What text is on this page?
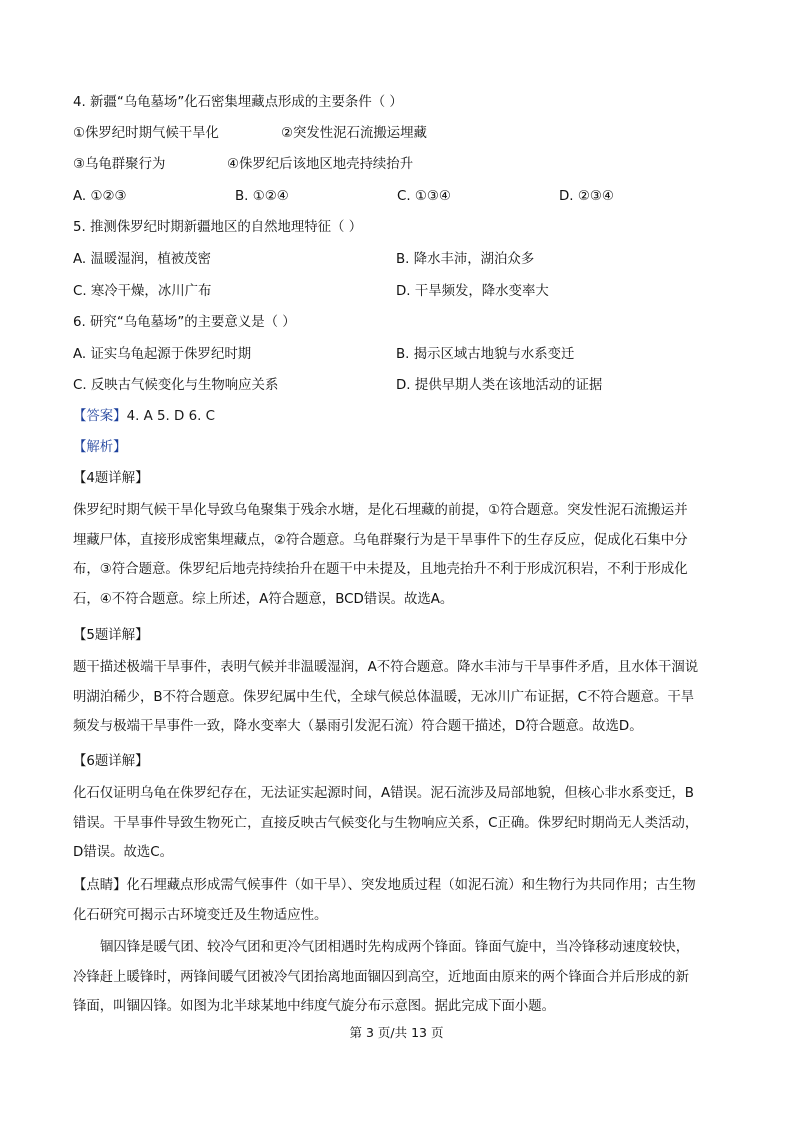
4. 新疆“乌龟墓场”化石密集埋藏点形成的主要条件（ ）
①侏罗纪时期气候干旱化	②突发性泥石流搬运埋藏
③乌龟群聚行为	④侏罗纪后该地区地壳持续抬升
A. ①②③	B. ①②④	C. ①③④	D. ②③④
5. 推测侏罗纪时期新疆地区的自然地理特征（ ）
A. 温暖湿润，植被茂密	B. 降水丰沛，湖泊众多
C. 寒冷干燥，冰川广布	D. 干旱频发，降水变率大
6. 研究“乌龟墓场”的主要意义是（ ）
A. 证实乌龟起源于侏罗纪时期	B. 揭示区域古地貌与水系变迁
C. 反映古气候变化与生物响应关系	D. 提供早期人类在该地活动的证据
【答案】4. A 5. D 6. C
【解析】
【4题详解】
侏罗纪时期气候干旱化导致乌龟聚集于残余水塘，是化石埋藏的前提，①符合题意。突发性泥石流搬运并
埋藏尸体，直接形成密集埋藏点，②符合题意。乌龟群聚行为是干旱事件下的生存反应，促成化石集中分
布，③符合题意。侏罗纪后地壳持续抬升在题干中未提及，且地壳抬升不利于形成沉积岩，不利于形成化
石，④不符合题意。综上所述，A符合题意，BCD错误。故选A。
【5题详解】
题干描述极端干旱事件，表明气候并非温暖湿润，A不符合题意。降水丰沛与干旱事件矛盾，且水体干涸说
明湖泊稀少，B不符合题意。侏罗纪属中生代，全球气候总体温暖，无冰川广布证据，C不符合题意。干旱
频发与极端干旱事件一致，降水变率大（暴雨引发泥石流）符合题干描述，D符合题意。故选D。
【6题详解】
化石仅证明乌龟在侏罗纪存在，无法证实起源时间，A错误。泥石流涉及局部地貌，但核心非水系变迁，B
错误。干旱事件导致生物死亡，直接反映古气候变化与生物响应关系，C正确。侏罗纪时期尚无人类活动，
D错误。故选C。
【点睛】化石埋藏点形成需气候事件（如干旱）、突发地质过程（如泥石流）和生物行为共同作用；古生物
化石研究可揭示古环境变迁及生物适应性。
锢囚锋是暖气团、较冷气团和更冷气团相遇时先构成两个锋面。锋面气旋中，当冷锋移动速度较快，
冷锋赶上暖锋时，两锋间暖气团被冷气团抬离地面锢囚到高空，近地面由原来的两个锋面合并后形成的新
锋面，叫锢囚锋。如图为北半球某地中纬度气旋分布示意图。据此完成下面小题。
第 3 页/共 13 页
